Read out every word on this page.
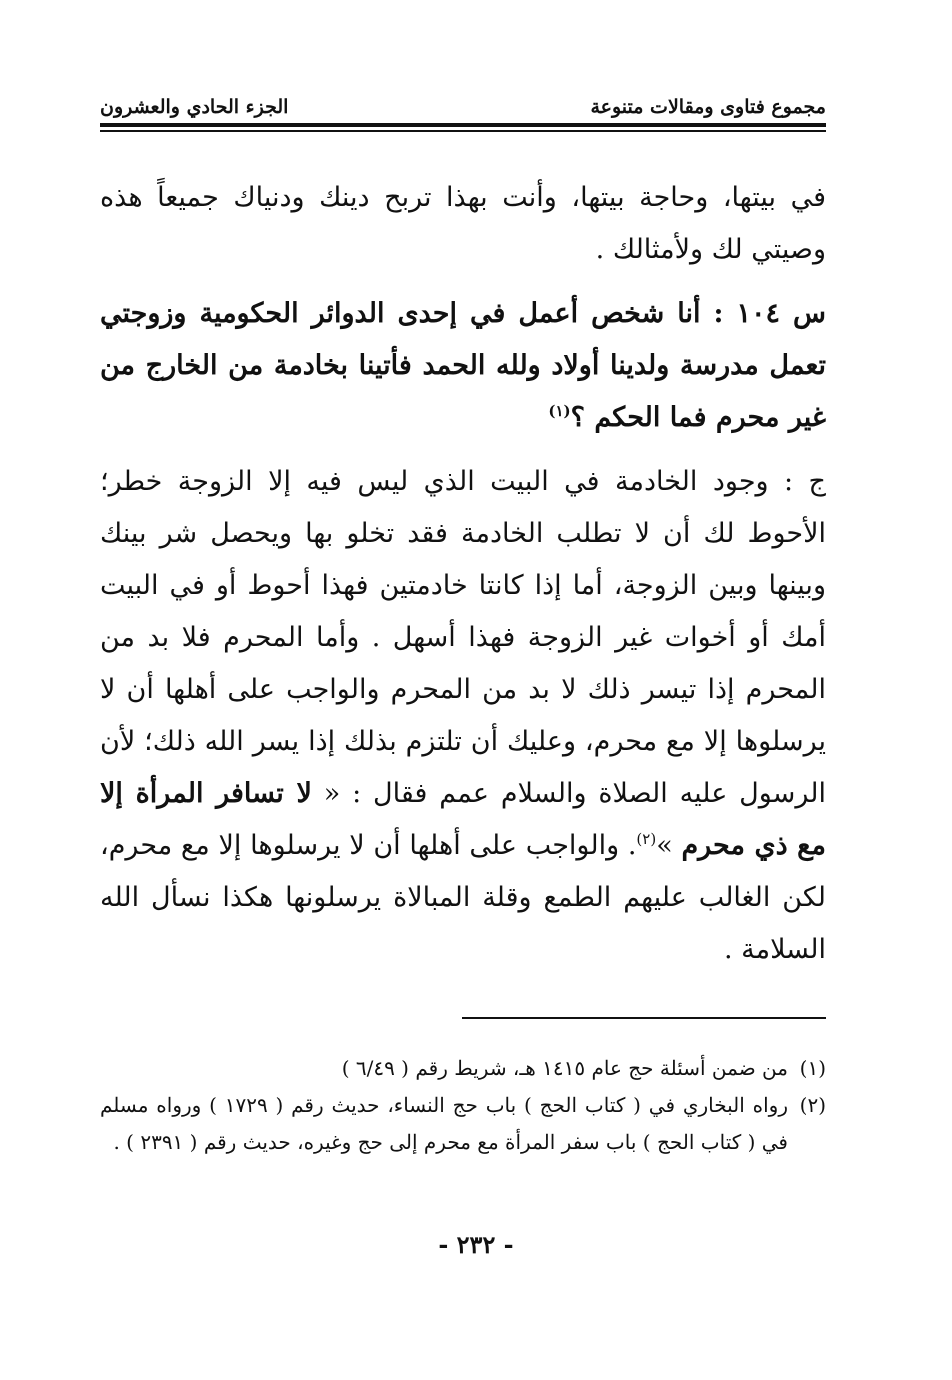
مجموع فتاوى ومقالات متنوعة
الجزء الحادي والعشرون

في بيتها، وحاجة بيتها، وأنت بهذا تربح دينك ودنياك جميعاً هذه وصيتي لك ولأمثالك .

س ١٠٤ : أنا شخص أعمل في إحدى الدوائر الحكومية وزوجتي تعمل مدرسة ولدينا أولاد ولله الحمد فأتينا بخادمة من الخارج من غير محرم فما الحكم ؟$^{(١)}$

ج : وجود الخادمة في البيت الذي ليس فيه إلا الزوجة خطر؛ الأحوط لك أن لا تطلب الخادمة فقد تخلو بها ويحصل شر بينك وبينها وبين الزوجة، أما إذا كانتا خادمتين فهذا أحوط أو في البيت أمك أو أخوات غير الزوجة فهذا أسهل . وأما المحرم فلا بد من المحرم إذا تيسر ذلك لا بد من المحرم والواجب على أهلها أن لا يرسلوها إلا مع محرم، وعليك أن تلتزم بذلك إذا يسر الله ذلك؛ لأن الرسول عليه الصلاة والسلام عمم فقال : « لا تسافر المرأة إلا مع ذي محرم »$^{(٢)}$. والواجب على أهلها أن لا يرسلوها إلا مع محرم، لكن الغالب عليهم الطمع وقلة المبالاة يرسلونها هكذا نسأل الله السلامة .

(١)
من ضمن أسئلة حج عام ١٤١٥ هـ، شريط رقم ( ٦/٤٩ )
(٢)
رواه البخاري في ( كتاب الحج ) باب حج النساء، حديث رقم ( ١٧٢٩ ) ورواه مسلم في ( كتاب الحج ) باب سفر المرأة مع محرم إلى حج وغيره، حديث رقم ( ٢٣٩١ ) .
- ٢٣٢ -
